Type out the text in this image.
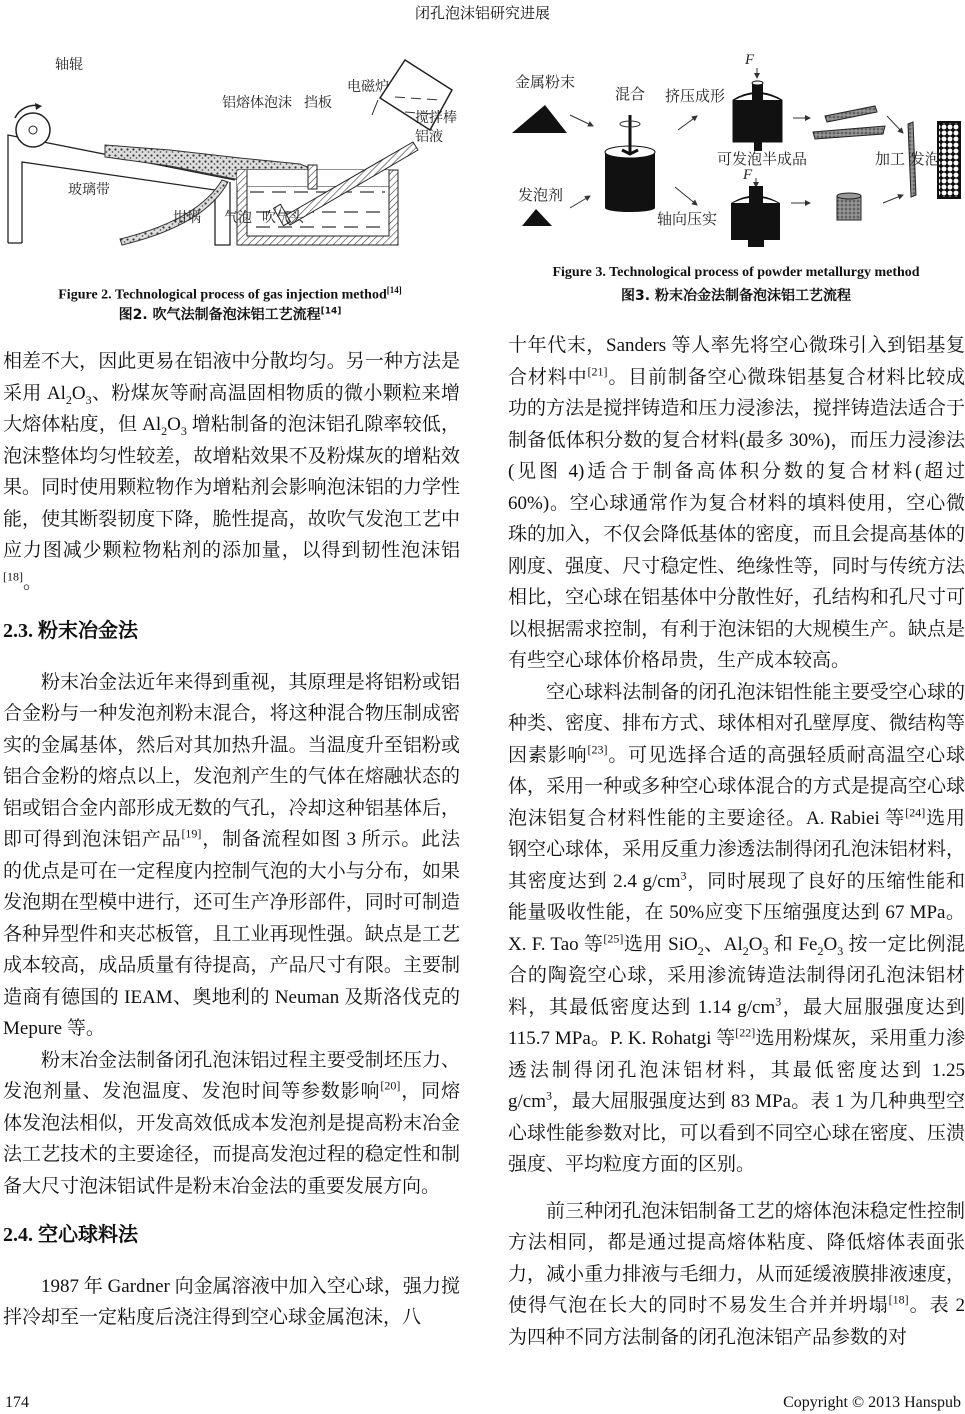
闭孔泡沫铝研究进展
轴辊
电磁炉
铝熔体泡沫 挡板
搅拌棒
铝液
玻璃带
坩埚 气泡 吹气头
Figure 2. Technological process of gas injection method[14]
图2. 吹气法制备泡沫铝工艺流程[14]
金属粉末
混合 挤压成形
F
可发泡半成品	加工 发泡
F
发泡剂
轴向压实
Figure 3. Technological process of powder metallurgy method
图3. 粉末冶金法制备泡沫铝工艺流程

相差不大，因此更易在铝液中分散均匀。另一种方法是采用 $Al_2O_3$、粉煤灰等耐高温固相物质的微小颗粒来增大熔体粘度，但 $Al_2O_3$ 增粘制备的泡沫铝孔隙率较低，泡沫整体均匀性较差，故增粘效果不及粉煤灰的增粘效果。同时使用颗粒物作为增粘剂会影响泡沫铝的力学性能，使其断裂韧度下降，脆性提高，故吹气发泡工艺中应力图减少颗粒物粘剂的添加量，以得到韧性泡沫铝[18]。

2.3. 粉末冶金法

粉末冶金法近年来得到重视，其原理是将铝粉或铝合金粉与一种发泡剂粉末混合，将这种混合物压制成密实的金属基体，然后对其加热升温。当温度升至铝粉或铝合金粉的熔点以上，发泡剂产生的气体在熔融状态的铝或铝合金内部形成无数的气孔，冷却这种铝基体后，即可得到泡沫铝产品[19]，制备流程如图 3 所示。此法的优点是可在一定程度内控制气泡的大小与分布，如果发泡期在型模中进行，还可生产净形部件，同时可制造各种异型件和夹芯板管，且工业再现性强。缺点是工艺成本较高，成品质量有待提高，产品尺寸有限。主要制造商有德国的 IEAM、奥地利的 Neuman 及斯洛伐克的 Mepure 等。

粉末冶金法制备闭孔泡沫铝过程主要受制坯压力、发泡剂量、发泡温度、发泡时间等参数影响[20]，同熔体发泡法相似，开发高效低成本发泡剂是提高粉末冶金法工艺技术的主要途径，而提高发泡过程的稳定性和制备大尺寸泡沫铝试件是粉末冶金法的重要发展方向。

2.4. 空心球料法

1987 年 Gardner 向金属溶液中加入空心球，强力搅拌冷却至一定粘度后浇注得到空心球金属泡沫，八

十年代末，Sanders 等人率先将空心微珠引入到铝基复合材料中[21]。目前制备空心微珠铝基复合材料比较成功的方法是搅拌铸造和压力浸渗法，搅拌铸造法适合于制备低体积分数的复合材料(最多 30%)，而压力浸渗法(见图 4)适合于制备高体积分数的复合材料(超过 60%)。空心球通常作为复合材料的填料使用，空心微珠的加入，不仅会降低基体的密度，而且会提高基体的刚度、强度、尺寸稳定性、绝缘性等，同时与传统方法相比，空心球在铝基体中分散性好，孔结构和孔尺寸可以根据需求控制，有利于泡沫铝的大规模生产。缺点是有些空心球体价格昂贵，生产成本较高。

空心球料法制备的闭孔泡沫铝性能主要受空心球的种类、密度、排布方式、球体相对孔壁厚度、微结构等因素影响[23]。可见选择合适的高强轻质耐高温空心球体，采用一种或多种空心球体混合的方式是提高空心球泡沫铝复合材料性能的主要途径。A. Rabiei 等[24]选用钢空心球体，采用反重力渗透法制得闭孔泡沫铝材料，其密度达到 2.4 $g/cm^3$，同时展现了良好的压缩性能和能量吸收性能，在 50%应变下压缩强度达到 67 MPa。X. F. Tao 等[25]选用 SiO$_2$、$Al_2O_3$ 和 $Fe_2O_3$ 按一定比例混合的陶瓷空心球，采用渗流铸造法制得闭孔泡沫铝材料，其最低密度达到 1.14 $g/cm^3$，最大屈服强度达到 115.7 MPa。P. K. Rohatgi 等[22]选用粉煤灰，采用重力渗透法制得闭孔泡沫铝材料，其最低密度达到 1.25 $g/cm^3$，最大屈服强度达到 83 MPa。表 1 为几种典型空心球性能参数对比，可以看到不同空心球在密度、压溃强度、平均粒度方面的区别。

前三种闭孔泡沫铝制备工艺的熔体泡沫稳定性控制方法相同，都是通过提高熔体粘度、降低熔体表面张力，减小重力排液与毛细力，从而延缓液膜排液速度，使得气泡在长大的同时不易发生合并并坍塌[18]。表 2 为四种不同方法制备的闭孔泡沫铝产品参数的对

174	Copyright © 2013 Hanspub
